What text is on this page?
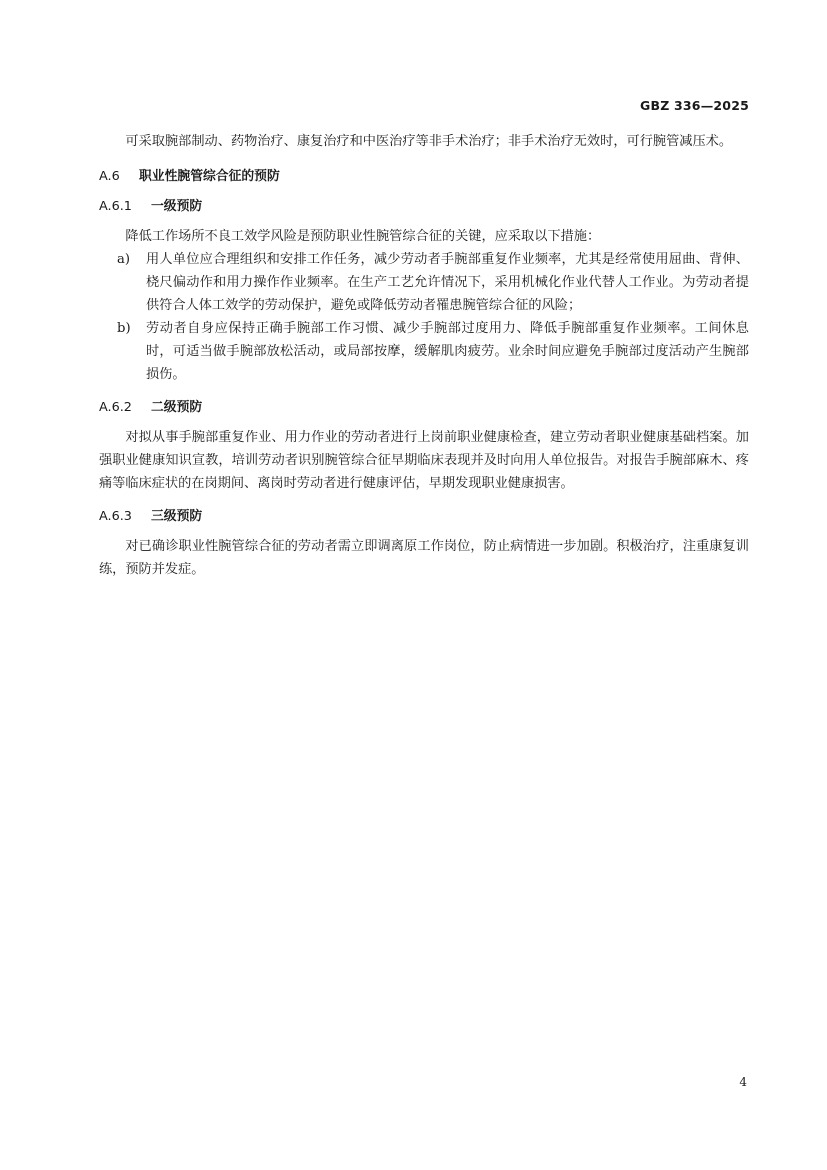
GBZ 336—2025

可采取腕部制动、药物治疗、康复治疗和中医治疗等非手术治疗；非手术治疗无效时，可行腕管减压术。

A.6 职业性腕管综合征的预防
A.6.1 一级预防

降低工作场所不良工效学风险是预防职业性腕管综合征的关键，应采取以下措施：

a)	用人单位应合理组织和安排工作任务，减少劳动者手腕部重复作业频率，尤其是经常使用屈曲、背伸、桡尺偏动作和用力操作作业频率。在生产工艺允许情况下，采用机械化作业代替人工作业。为劳动者提供符合人体工效学的劳动保护，避免或降低劳动者罹患腕管综合征的风险；
b)	劳动者自身应保持正确手腕部工作习惯、减少手腕部过度用力、降低手腕部重复作业频率。工间休息时，可适当做手腕部放松活动，或局部按摩，缓解肌肉疲劳。业余时间应避免手腕部过度活动产生腕部损伤。
A.6.2 二级预防

对拟从事手腕部重复作业、用力作业的劳动者进行上岗前职业健康检查，建立劳动者职业健康基础档案。加强职业健康知识宣教，培训劳动者识别腕管综合征早期临床表现并及时向用人单位报告。对报告手腕部麻木、疼痛等临床症状的在岗期间、离岗时劳动者进行健康评估，早期发现职业健康损害。

A.6.3 三级预防

对已确诊职业性腕管综合征的劳动者需立即调离原工作岗位，防止病情进一步加剧。积极治疗，注重康复训练，预防并发症。

4
